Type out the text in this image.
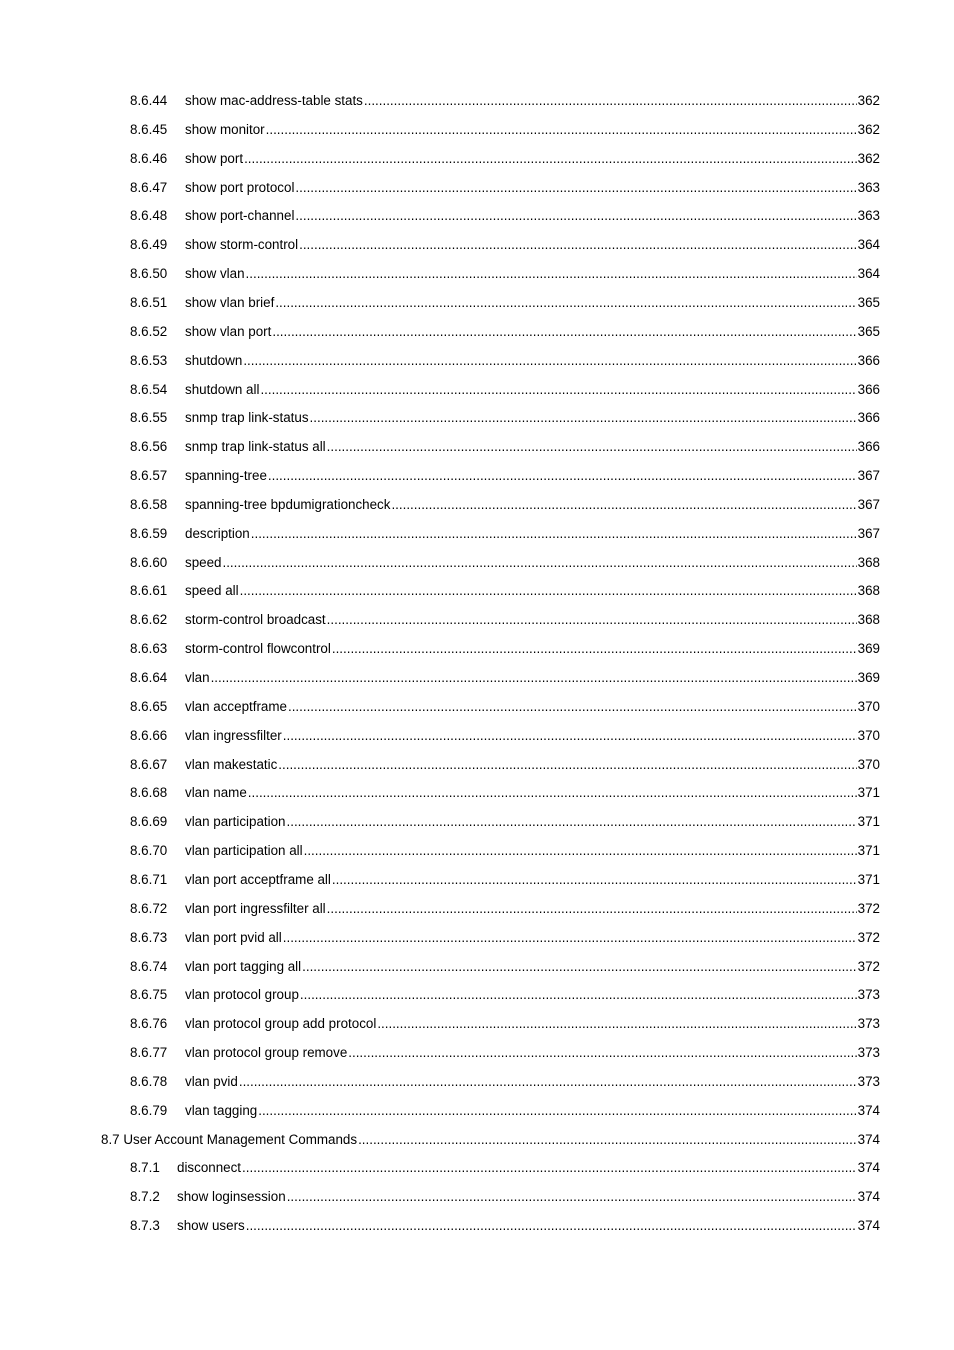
8.6.44 show mac-address-table stats .....	362
8.6.45 show monitor .....	362
8.6.46 show port .....	362
8.6.47 show port protocol .....	363
8.6.48 show port-channel .....	363
8.6.49 show storm-control .....	364
8.6.50 show vlan .....	364
8.6.51 show vlan brief .....	365
8.6.52 show vlan port .....	365
8.6.53 shutdown .....	366
8.6.54 shutdown all .....	366
8.6.55 snmp trap link-status .....	366
8.6.56 snmp trap link-status all .....	366
8.6.57 spanning-tree .....	367
8.6.58 spanning-tree bpdumigrationcheck .....	367
8.6.59 description .....	367
8.6.60 speed .....	368
8.6.61 speed all .....	368
8.6.62 storm-control broadcast .....	368
8.6.63 storm-control flowcontrol .....	369
8.6.64 vlan .....	369
8.6.65 vlan acceptframe .....	370
8.6.66 vlan ingressfilter .....	370
8.6.67 vlan makestatic .....	370
8.6.68 vlan name .....	371
8.6.69 vlan participation .....	371
8.6.70 vlan participation all .....	371
8.6.71 vlan port acceptframe all .....	371
8.6.72 vlan port ingressfilter all .....	372
8.6.73 vlan port pvid all .....	372
8.6.74 vlan port tagging all .....	372
8.6.75 vlan protocol group .....	373
8.6.76 vlan protocol group add protocol .....	373
8.6.77 vlan protocol group remove .....	373
8.6.78 vlan pvid .....	373
8.6.79 vlan tagging .....	374
8.7 User Account Management Commands .....	374
8.7.1 disconnect .....	374
8.7.2 show loginsession .....	374
8.7.3 show users .....	374
